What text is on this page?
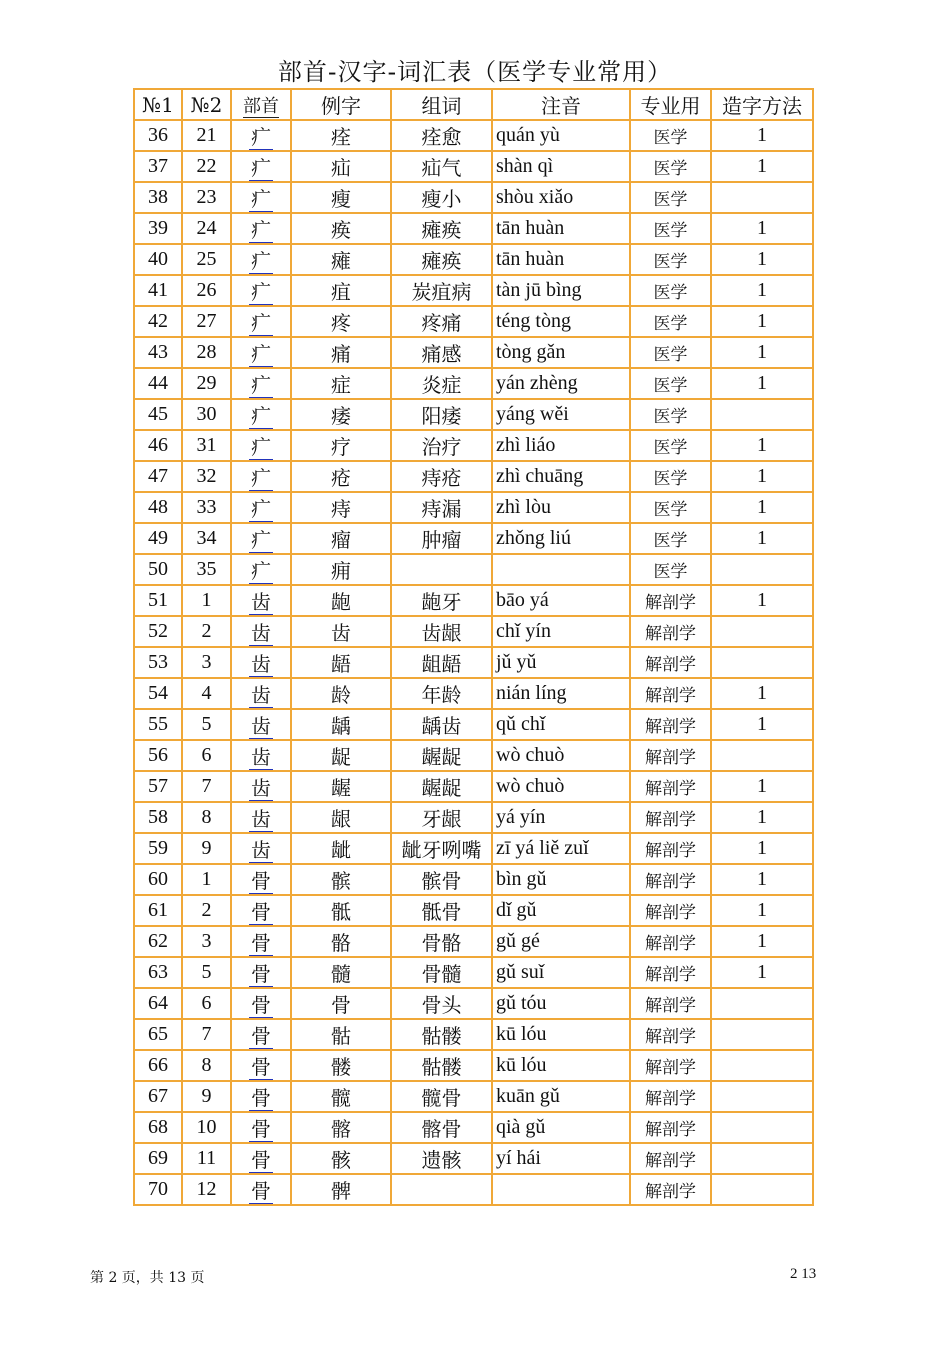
部首-汉字-词汇表（医学专业常用）
№1	№2	部首	例字	组词	注音	专业用	造字方法
36	21	疒	痊	痊愈	quán yù	医学	1
37	22	疒	疝	疝气	shàn qì	医学	1
38	23	疒	瘦	瘦小	shòu xiǎo	医学	
39	24	疒	痪	瘫痪	tān huàn	医学	1
40	25	疒	瘫	瘫痪	tān huàn	医学	1
41	26	疒	疽	炭疽病	tàn jū bìng	医学	1
42	27	疒	疼	疼痛	téng tòng	医学	1
43	28	疒	痛	痛感	tòng gǎn	医学	1
44	29	疒	症	炎症	yán zhèng	医学	1
45	30	疒	痿	阳痿	yáng wěi	医学	
46	31	疒	疗	治疗	zhì liáo	医学	1
47	32	疒	疮	痔疮	zhì chuāng	医学	1
48	33	疒	痔	痔漏	zhì lòu	医学	1
49	34	疒	瘤	肿瘤	zhǒng liú	医学	1
50	35	疒	痈			医学	
51	1	齿	龅	龅牙	bāo yá	解剖学	1
52	2	齿	齿	齿龈	chǐ yín	解剖学	
53	3	齿	龉	龃龉	jǔ yǔ	解剖学	
54	4	齿	龄	年龄	nián líng	解剖学	1
55	5	齿	龋	龋齿	qǔ chǐ	解剖学	1
56	6	齿	龊	龌龊	wò chuò	解剖学	
57	7	齿	龌	龌龊	wò chuò	解剖学	1
58	8	齿	龈	牙龈	yá yín	解剖学	1
59	9	齿	龇	龇牙咧嘴	zī yá liě zuǐ	解剖学	1
60	1	骨	髌	髌骨	bìn gǔ	解剖学	1
61	2	骨	骶	骶骨	dǐ gǔ	解剖学	1
62	3	骨	骼	骨骼	gǔ gé	解剖学	1
63	5	骨	髓	骨髓	gǔ suǐ	解剖学	1
64	6	骨	骨	骨头	gǔ tóu	解剖学	
65	7	骨	骷	骷髅	kū lóu	解剖学	
66	8	骨	髅	骷髅	kū lóu	解剖学	
67	9	骨	髋	髋骨	kuān gǔ	解剖学	
68	10	骨	髂	髂骨	qià gǔ	解剖学	
69	11	骨	骸	遗骸	yí hái	解剖学	
70	12	骨	髀			解剖学	
第 2 页，共 13 页	2 13
